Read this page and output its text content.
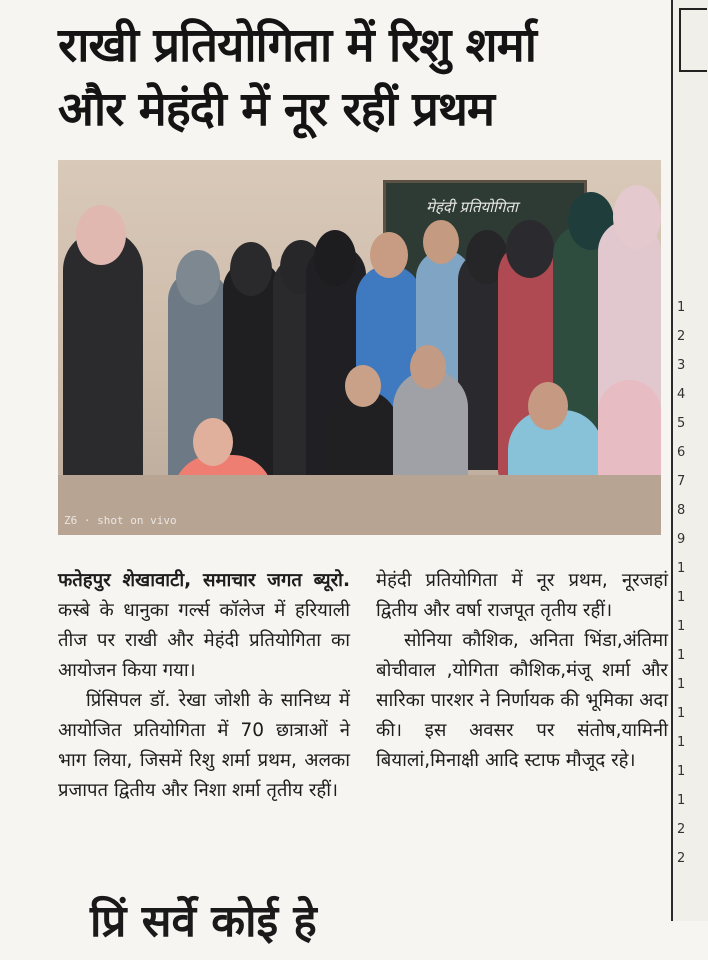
राखी प्रतियोगिता में रिशु शर्मा
और मेहंदी में नूर रहीं प्रथम
मेहंदी प्रतियोगिता
Z6 · shot on vivo

फतेहपुर शेखावाटी, समाचार जगत ब्यूरो. कस्बे के धानुका गर्ल्स कॉलेज में हरियाली तीज पर राखी और मेहंदी प्रतियोगिता का आयोजन किया गया।

प्रिंसिपल डॉ. रेखा जोशी के सानिध्य में आयोजित प्रतियोगिता में 70 छात्राओं ने भाग लिया, जिसमें रिशु शर्मा प्रथम, अलका प्रजापत द्वितीय और निशा शर्मा तृतीय रहीं।

मेहंदी प्रतियोगिता में नूर प्रथम, नूरजहां द्वितीय और वर्षा राजपूत तृतीय रहीं।

सोनिया कौशिक, अनिता भिंडा,अंतिमा बोचीवाल ,योगिता कौशिक,मंजू शर्मा और सारिका पारशर ने निर्णायक की भूमिका अदा की। इस अवसर पर संतोष,यामिनी बियालां,मिनाक्षी आदि स्टाफ मौजूद रहे।

प्रिं सर्वे कोई हे
1
2
3
4
5
6
7
8
9
1
1
1
1
1
1
1
1
1
2
2
